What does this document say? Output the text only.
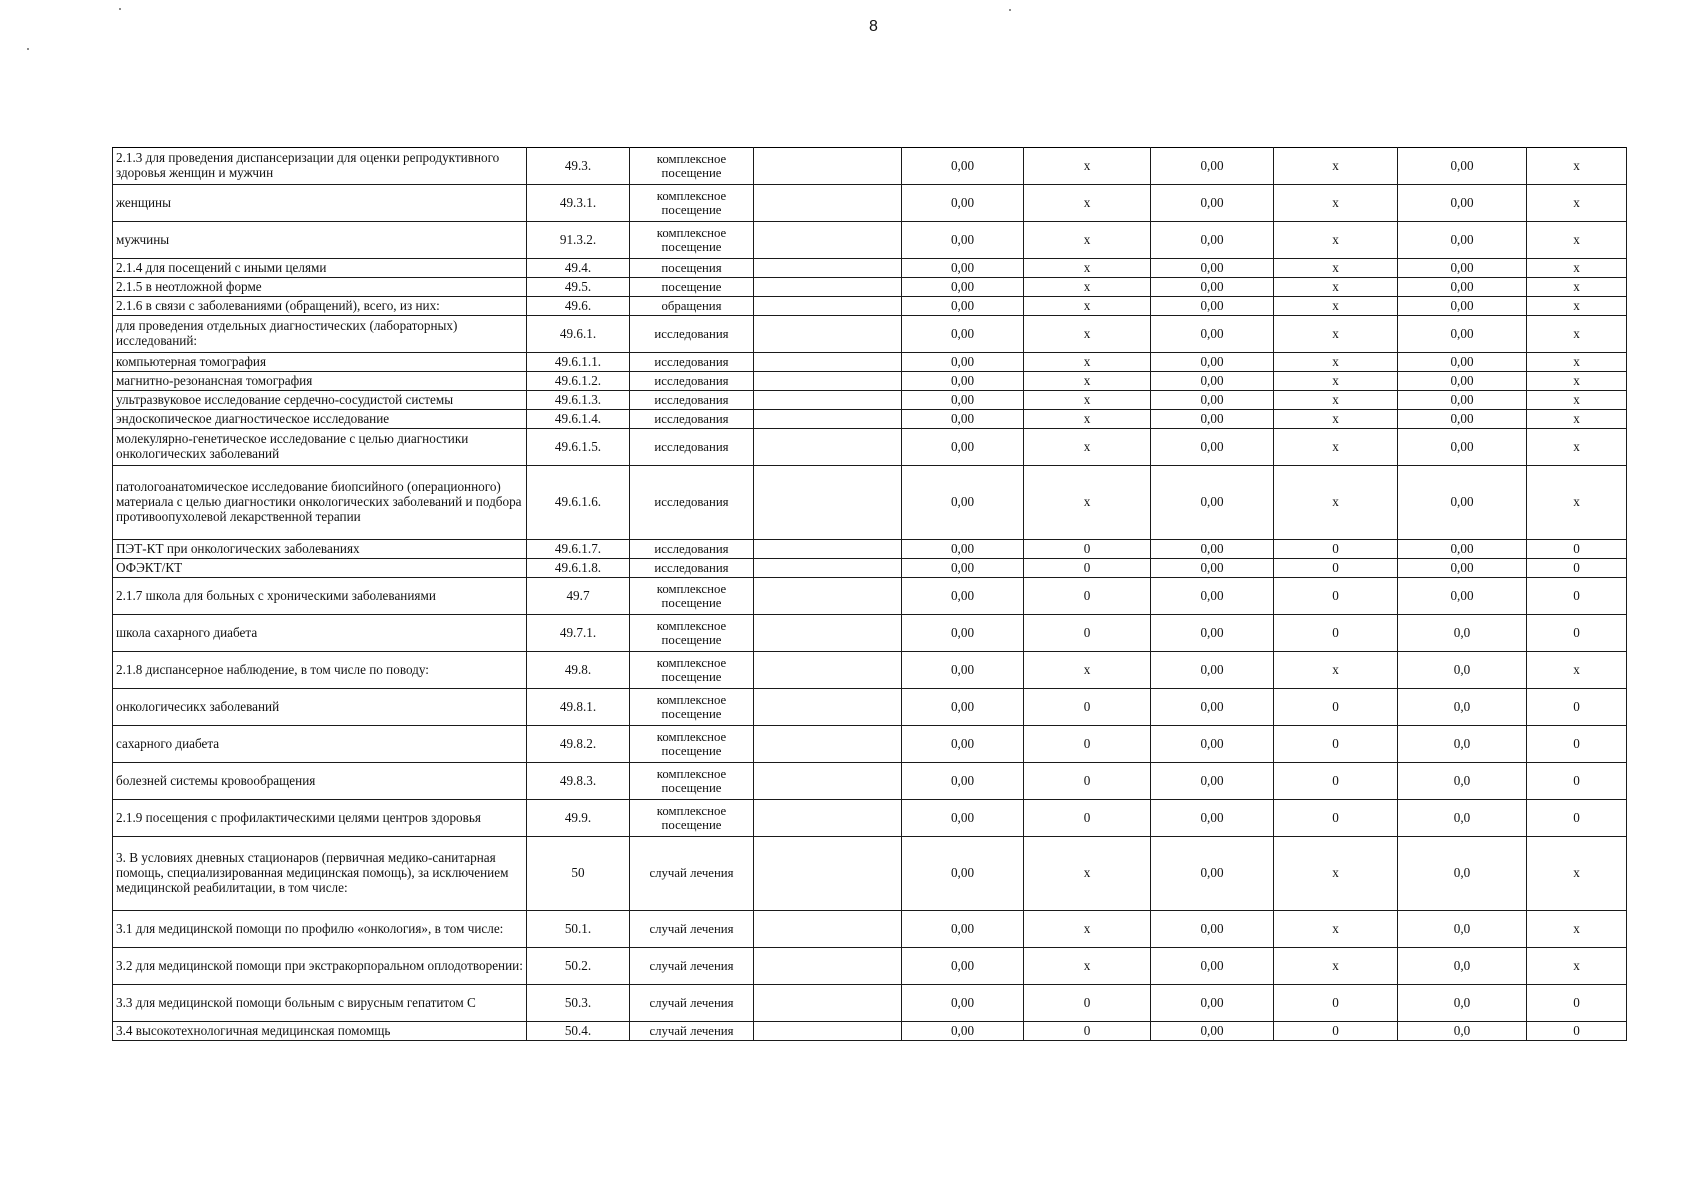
8
2.1.3 для проведения диспансеризации для оценки репродуктивного здоровья женщин и мужчин	49.3.	комплексное посещение		0,00	х	0,00	х	0,00	х
женщины	49.3.1.	комплексное посещение		0,00	х	0,00	х	0,00	х
мужчины	91.3.2.	комплексное посещение		0,00	х	0,00	х	0,00	х
2.1.4 для посещений с иными целями	49.4.	посещения		0,00	х	0,00	х	0,00	х
2.1.5 в неотложной форме	49.5.	посещение		0,00	х	0,00	х	0,00	х
2.1.6 в связи с заболеваниями (обращений), всего, из них:	49.6.	обращения		0,00	х	0,00	х	0,00	х
для проведения отдельных диагностических (лабораторных) исследований:	49.6.1.	исследования		0,00	х	0,00	х	0,00	х
компьютерная томография	49.6.1.1.	исследования		0,00	х	0,00	х	0,00	х
магнитно-резонансная томография	49.6.1.2.	исследования		0,00	х	0,00	х	0,00	х
ультразвуковое исследование сердечно-сосудистой системы	49.6.1.3.	исследования		0,00	х	0,00	х	0,00	х
эндоскопическое диагностическое исследование	49.6.1.4.	исследования		0,00	х	0,00	х	0,00	х
молекулярно-генетическое исследование с целью диагностики онкологических заболеваний	49.6.1.5.	исследования		0,00	х	0,00	х	0,00	х
патологоанатомическое исследование биопсийного (операционного) материала с целью диагностики онкологических заболеваний и подбора противоопухолевой лекарственной терапии	49.6.1.6.	исследования		0,00	х	0,00	х	0,00	х
ПЭТ-КТ при онкологических заболеваниях	49.6.1.7.	исследования		0,00	0	0,00	0	0,00	0
ОФЭКТ/КТ	49.6.1.8.	исследования		0,00	0	0,00	0	0,00	0
2.1.7 школа для больных с хроническими заболеваниями	49.7	комплексное посещение		0,00	0	0,00	0	0,00	0
школа сахарного диабета	49.7.1.	комплексное посещение		0,00	0	0,00	0	0,0	0
2.1.8 диспансерное наблюдение, в том числе по поводу:	49.8.	комплексное посещение		0,00	х	0,00	х	0,0	х
онкологичесикх заболеваний	49.8.1.	комплексное посещение		0,00	0	0,00	0	0,0	0
сахарного диабета	49.8.2.	комплексное посещение		0,00	0	0,00	0	0,0	0
болезней системы кровообращения	49.8.3.	комплексное посещение		0,00	0	0,00	0	0,0	0
2.1.9 посещения с профилактическими целями центров здоровья	49.9.	комплексное посещение		0,00	0	0,00	0	0,0	0
3. В условиях дневных стационаров (первичная медико-санитарная помощь, специализированная медицинская помощь), за исключением медицинской реабилитации, в том числе:	50	случай лечения		0,00	х	0,00	х	0,0	х
3.1 для медицинской помощи по профилю «онкология», в том числе:	50.1.	случай лечения		0,00	х	0,00	х	0,0	х
3.2 для медицинской помощи при экстракорпоральном оплодотворении:	50.2.	случай лечения		0,00	х	0,00	х	0,0	х
3.3 для медицинской помощи больным с вирусным гепатитом С	50.3.	случай лечения		0,00	0	0,00	0	0,0	0
3.4 высокотехнологичная медицинская помомщь	50.4.	случай лечения		0,00	0	0,00	0	0,0	0
